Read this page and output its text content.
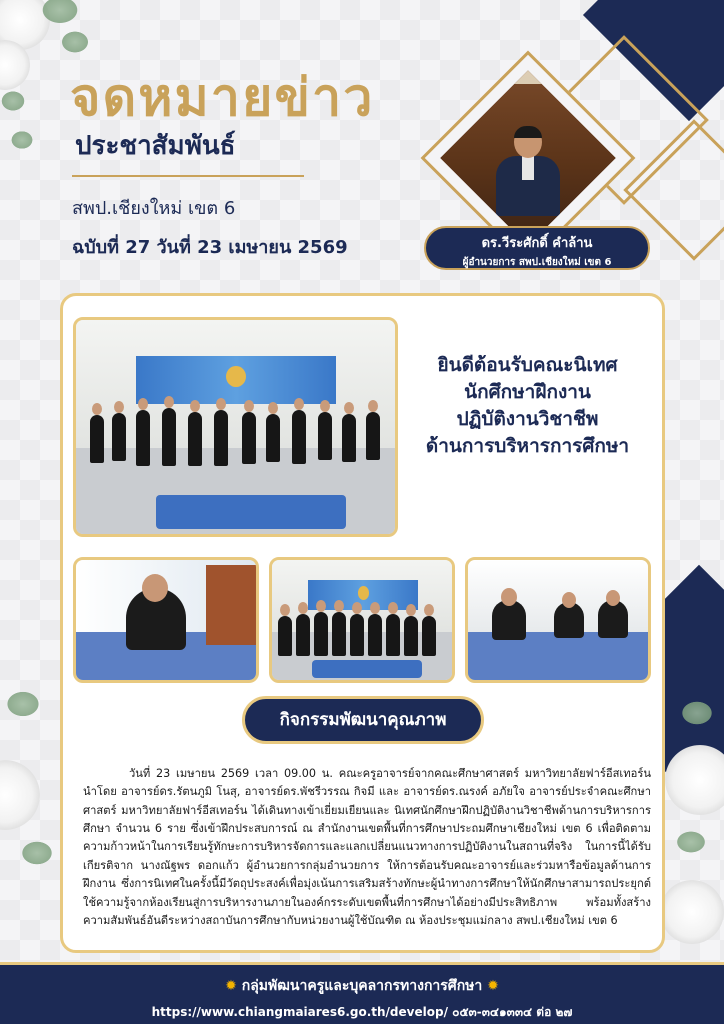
จดหมายข่าว
ประชาสัมพันธ์
สพป.เชียงใหม่ เขต 6
ฉบับที่ 27 วันที่ 23 เมษายน 2569	ดร.วีระศักดิ์ คำล้าน
ผู้อำนวยการ สพป.เชียงใหม่ เขต 6
ยินดีต้อนรับคณะนิเทศ
นักศึกษาฝึกงาน
ปฏิบัติงานวิชาชีพ
ด้านการบริหารการศึกษา
กิจกรรมพัฒนาคุณภาพ

วันที่ 23 เมษายน 2569 เวลา 09.00 น. คณะครูอาจารย์จากคณะศึกษาศาสตร์ มหาวิทยาลัยฟาร์อีสเทอร์น นำโดย อาจารย์ดร.รัตนภูมิ โนสุ, อาจารย์ดร.พัชรีวรรณ กิจมี และ อาจารย์ดร.ณรงค์ อภัยใจ อาจารย์ประจำคณะศึกษาศาสตร์ มหาวิทยาลัยฟาร์อีสเทอร์น ได้เดินทางเข้าเยี่ยมเยียนและ นิเทศนักศึกษาฝึกปฏิบัติงานวิชาชีพด้านการบริหารการศึกษา จำนวน 6 ราย ซึ่งเข้าฝึกประสบการณ์ ณ สำนักงานเขตพื้นที่การศึกษาประถมศึกษาเชียงใหม่ เขต 6 เพื่อติดตามความก้าวหน้าในการเรียนรู้ทักษะการบริหารจัดการและแลกเปลี่ยนแนวทางการปฏิบัติงานในสถานที่จริง ในการนี้ได้รับเกียรติจาก นางณัฐพร ดอกแก้ว ผู้อำนวยการกลุ่มอำนวยการ ให้การต้อนรับคณะอาจารย์และร่วมหารือข้อมูลด้านการฝึกงาน ซึ่งการนิเทศในครั้งนี้มีวัตถุประสงค์เพื่อมุ่งเน้นการเสริมสร้างทักษะผู้นำทางการศึกษาให้นักศึกษาสามารถประยุกต์ใช้ความรู้จากห้องเรียนสู่การบริหารงานภายในองค์กรระดับเขตพื้นที่การศึกษาได้อย่างมีประสิทธิภาพ พร้อมทั้งสร้างความสัมพันธ์อันดีระหว่างสถาบันการศึกษากับหน่วยงานผู้ใช้บัณฑิต ณ ห้องประชุมแม่กลาง สพป.เชียงใหม่ เขต 6

✹ กลุ่มพัฒนาครูและบุคลากรทางการศึกษา ✹
https://www.chiangmaiares6.go.th/develop/ ๐๕๓-๓๔๑๓๓๔ ต่อ ๒๗
